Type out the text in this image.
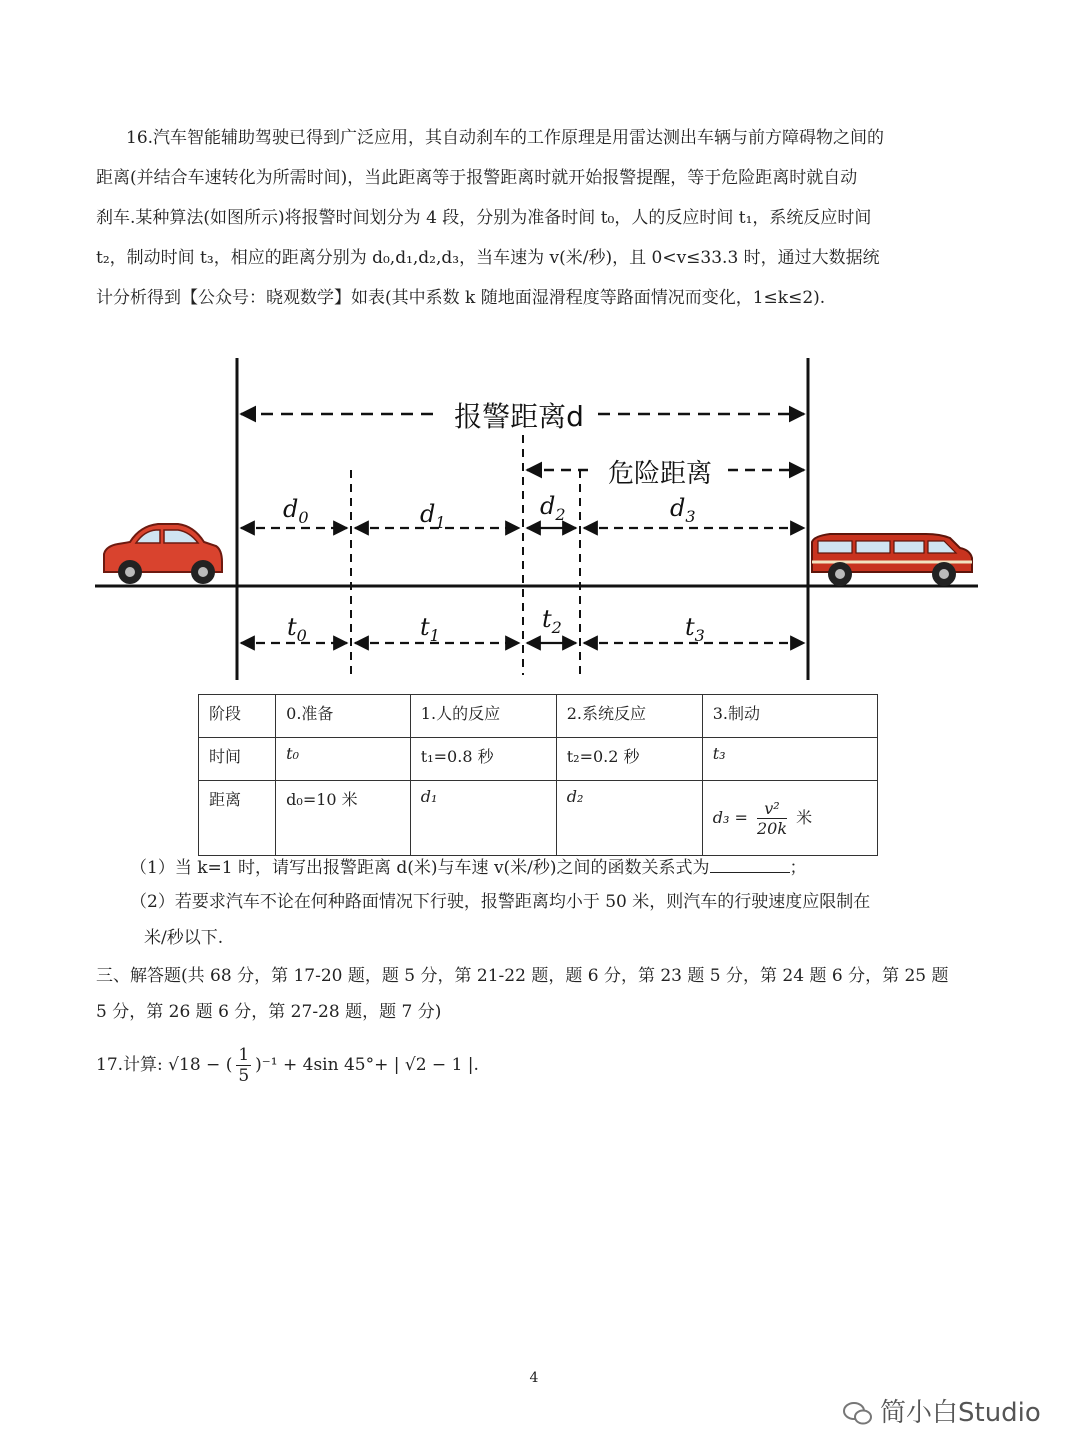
16.汽车智能辅助驾驶已得到广泛应用，其自动刹车的工作原理是用雷达测出车辆与前方障碍物之间的
距离(并结合车速转化为所需时间)，当此距离等于报警距离时就开始报警提醒，等于危险距离时就自动
刹车.某种算法(如图所示)将报警时间划分为 4 段，分别为准备时间 t₀，人的反应时间 t₁，系统反应时间
t₂，制动时间 t₃，相应的距离分别为 d₀,d₁,d₂,d₃，当车速为 v(米/秒)，且 0<v≤33.3 时，通过大数据统
计分析得到【公众号：晓观数学】如表(其中系数 k 随地面湿滑程度等路面情况而变化，1≤k≤2).
报警距离d
危险距离
$d_0$	$d_1$
$d_2$	$d_3$
$t_0$	$t_1$
$t_2$	$t_3$
阶段	0.准备	1.人的反应	2.系统反应	3.制动
时间	t₀	t₁=0.8 秒	t₂=0.2 秒	t₃
距离	d₀=10 米	d₁	d₂	$d_3 = \frac{\text{v²}}{20k}$ 米
（1）当 k=1 时，请写出报警距离 d(米)与车速 v(米/秒)之间的函数关系式为	；
（2）若要求汽车不论在何种路面情况下行驶，报警距离均小于 50 米，则汽车的行驶速度应限制在
米/秒以下.
三、解答题(共 68 分，第 17-20 题，题 5 分，第 21-22 题，题 6 分，第 23 题 5 分，第 24 题 6 分，第 25 题
5 分，第 26 题 6 分，第 27-28 题，题 7 分)
17.计算: √18 − ( $\frac{1}{5} )^{-1} + 4\sin$ 45°+ | √2 − 1 |.
4
简小白Studio
